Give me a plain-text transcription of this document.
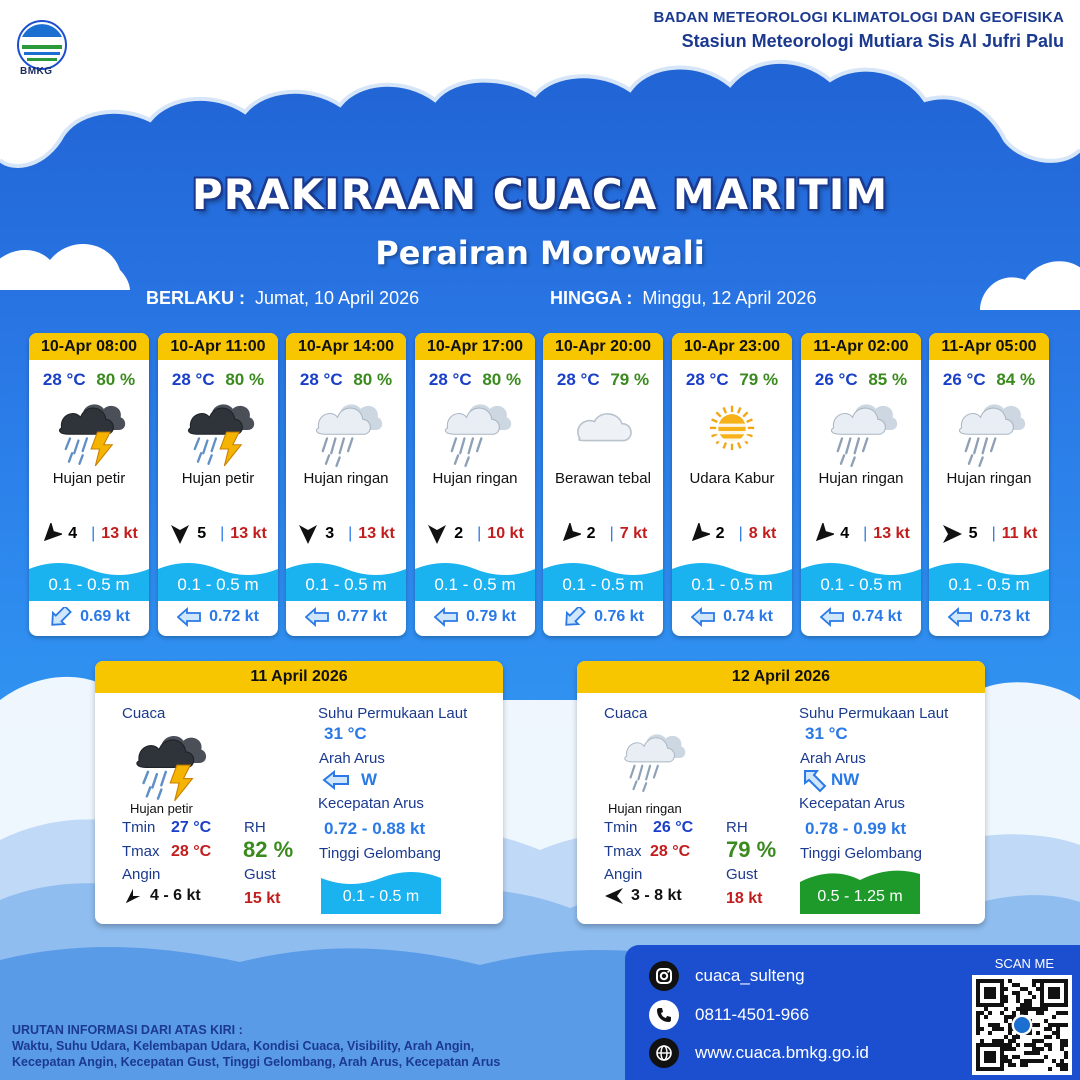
BMKG
BADAN METEOROLOGI KLIMATOLOGI DAN GEOFISIKA
Stasiun Meteorologi Mutiara Sis Al Jufri Palu
PRAKIRAAN CUACA MARITIM
Perairan Morowali
BERLAKU : Jumat, 10 April 2026	HINGGA : Minggu, 12 April 2026
10-Apr 08:00
28 °C 80 %
Hujan petir
4 | 13 kt
0.1 - 0.5 m
0.69 kt
10-Apr 11:00
28 °C 80 %
Hujan petir
5 | 13 kt
0.1 - 0.5 m
0.72 kt
10-Apr 14:00
28 °C 80 %
Hujan ringan
3 | 13 kt
0.1 - 0.5 m
0.77 kt
10-Apr 17:00
28 °C 80 %
Hujan ringan
2 | 10 kt
0.1 - 0.5 m
0.79 kt
10-Apr 20:00
28 °C 79 %
Berawan tebal
2 | 7 kt
0.1 - 0.5 m
0.76 kt
10-Apr 23:00
28 °C 79 %
Udara Kabur
2 | 8 kt
0.1 - 0.5 m
0.74 kt
11-Apr 02:00
26 °C 85 %
Hujan ringan
4 | 13 kt
0.1 - 0.5 m
0.74 kt
11-Apr 05:00
26 °C 84 %
Hujan ringan
5 | 11 kt
0.1 - 0.5 m
0.73 kt
11 April 2026
Cuaca
Hujan petir
Tmin 27 °C
Tmax 28 °C
Angin
4 - 6 kt
RH
82 %
Gust
15 kt
Suhu Permukaan Laut
31 °C
Arah Arus
W
Kecepatan Arus
0.72 - 0.88 kt
Tinggi Gelombang
0.1 - 0.5 m
12 April 2026
Cuaca
Hujan ringan
Tmin 26 °C
Tmax 28 °C
Angin
3 - 8 kt
RH
79 %
Gust
18 kt
Suhu Permukaan Laut
31 °C
Arah Arus
NW
Kecepatan Arus
0.78 - 0.99 kt
Tinggi Gelombang
0.5 - 1.25 m
URUTAN INFORMASI DARI ATAS KIRI :
Waktu, Suhu Udara, Kelembapan Udara, Kondisi Cuaca, Visibility, Arah Angin,
Kecepatan Angin, Kecepatan Gust, Tinggi Gelombang, Arah Arus, Kecepatan Arus
cuaca_sulteng
0811-4501-966
www.cuaca.bmkg.go.id
SCAN ME
